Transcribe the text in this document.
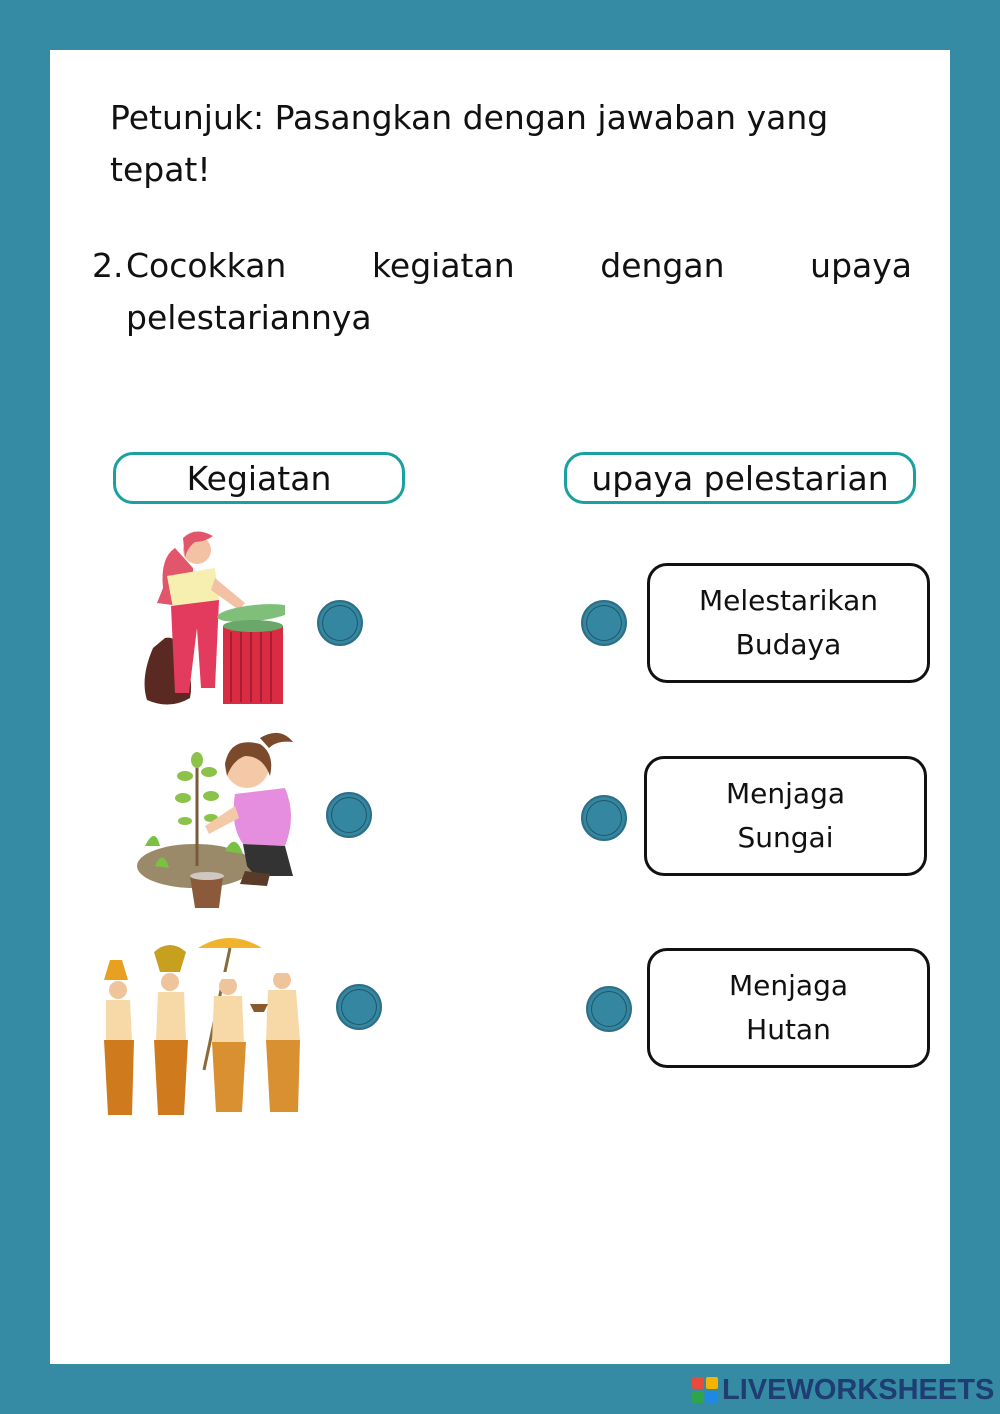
Petunjuk: Pasangkan dengan jawaban yang tepat!
2. Cocokkan kegiatan dengan upaya pelestariannya
Kegiatan	upaya pelestarian
Melestarikan
Budaya
Menjaga
Sungai
Menjaga
Hutan
LIVEWORKSHEETS
